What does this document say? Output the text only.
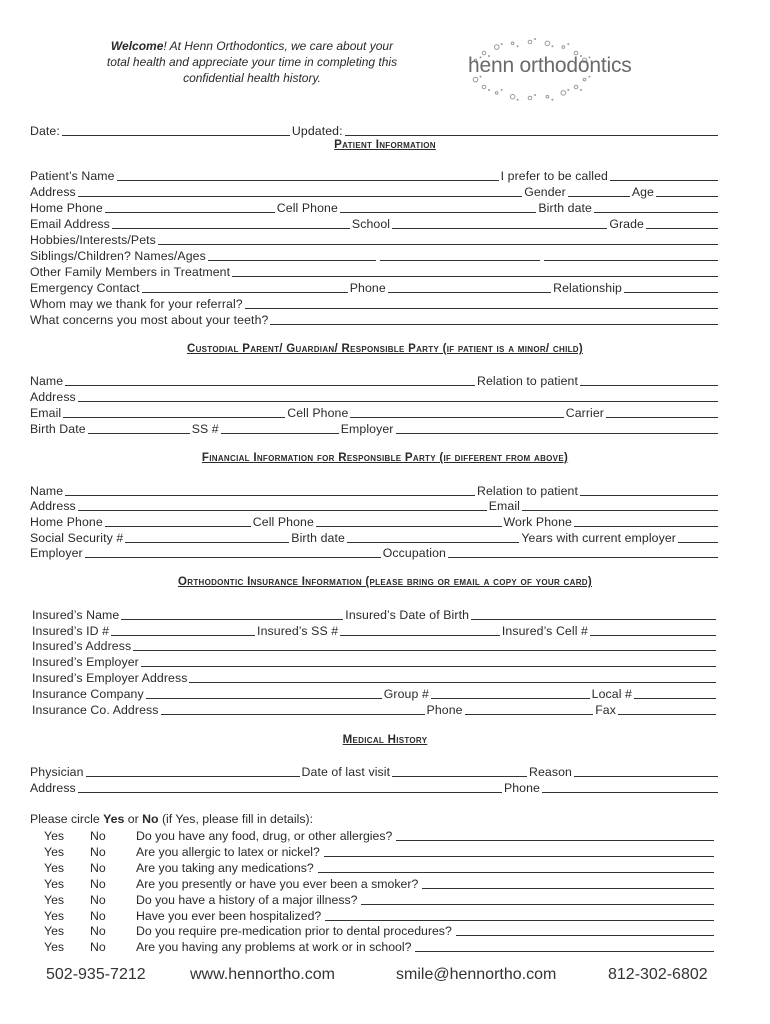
Welcome! At Henn Orthodontics, we care about your
total health and appreciate your time in completing this
confidential health history.
henn orthodontics
Date:	Updated:
Patient Information
Patient’s Name	I prefer to be called
Address	Gender	Age
Home Phone	Cell Phone	Birth date
Email Address	School	Grade
Hobbies/Interests/Pets
Siblings/Children? Names/Ages
Other Family Members in Treatment
Emergency Contact	Phone	Relationship
Whom may we thank for your referral?
What concerns you most about your teeth?
Custodial Parent/ Guardian/ Responsible Party (if patient is a minor/ child)
Name	Relation to patient
Address
Email	Cell Phone	Carrier
Birth Date	SS #	Employer
Financial Information for Responsible Party (if different from above)
Name	Relation to patient
Address	Email
Home Phone	Cell Phone	Work Phone
Social Security #	Birth date	Years with current employer
Employer	Occupation
Orthodontic Insurance Information (please bring or email a copy of your card)
Insured’s Name	Insured’s Date of Birth
Insured’s ID #	Insured’s SS #	Insured’s Cell #
Insured’s Address
Insured’s Employer
Insured’s Employer Address
Insurance Company	Group #	Local #
Insurance Co. Address	Phone	Fax
Medical History
Physician	Date of last visit	Reason
Address	Phone
Please circle Yes or No (if Yes, please fill in details):
Yes	No	Do you have any food, drug, or other allergies?
Yes	No	Are you allergic to latex or nickel?
Yes	No	Are you taking any medications?
Yes	No	Are you presently or have you ever been a smoker?
Yes	No	Do you have a history of a major illness?
Yes	No	Have you ever been hospitalized?
Yes	No	Do you require pre-medication prior to dental procedures?
Yes	No	Are you having any problems at work or in school?
502-935-7212	www.hennortho.com	smile@hennortho.com	812-302-6802
